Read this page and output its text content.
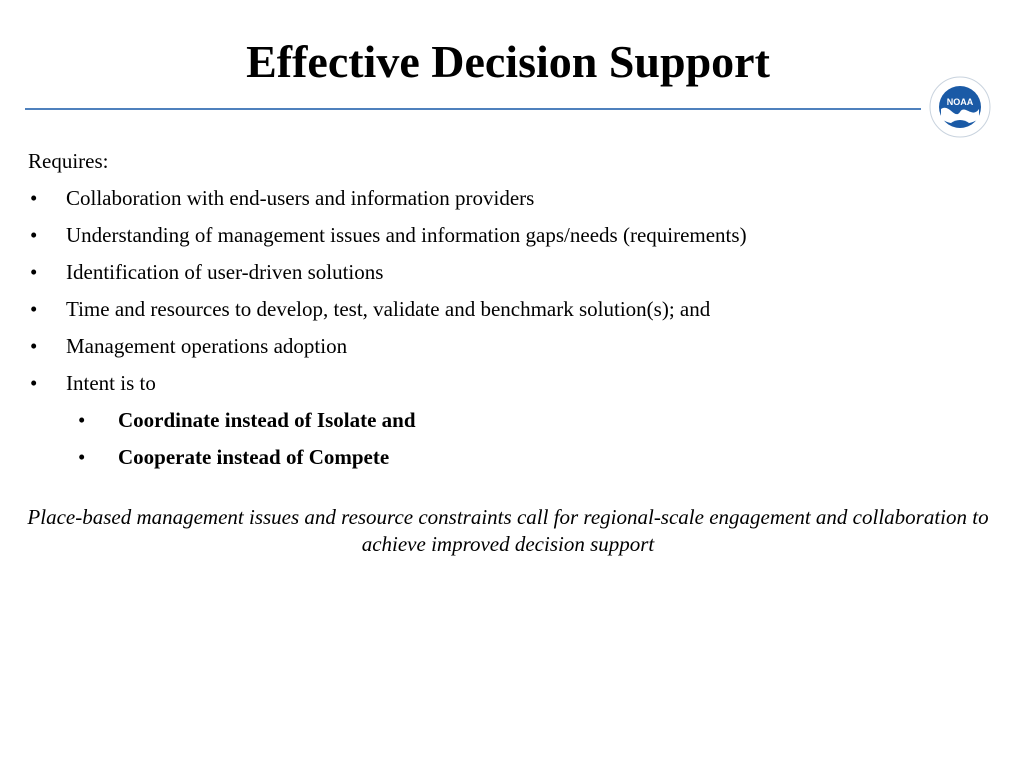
Effective Decision Support
NOAA
Requires:
• Collaboration with end-users and information providers
• Understanding of management issues and information gaps/needs (requirements)
• Identification of user-driven solutions
• Time and resources to develop, test, validate and benchmark solution(s); and
• Management operations adoption
• Intent is to
• Coordinate instead of Isolate and
• Cooperate instead of Compete
Place-based management issues and resource constraints call for regional-scale engagement and collaboration to achieve improved decision support
